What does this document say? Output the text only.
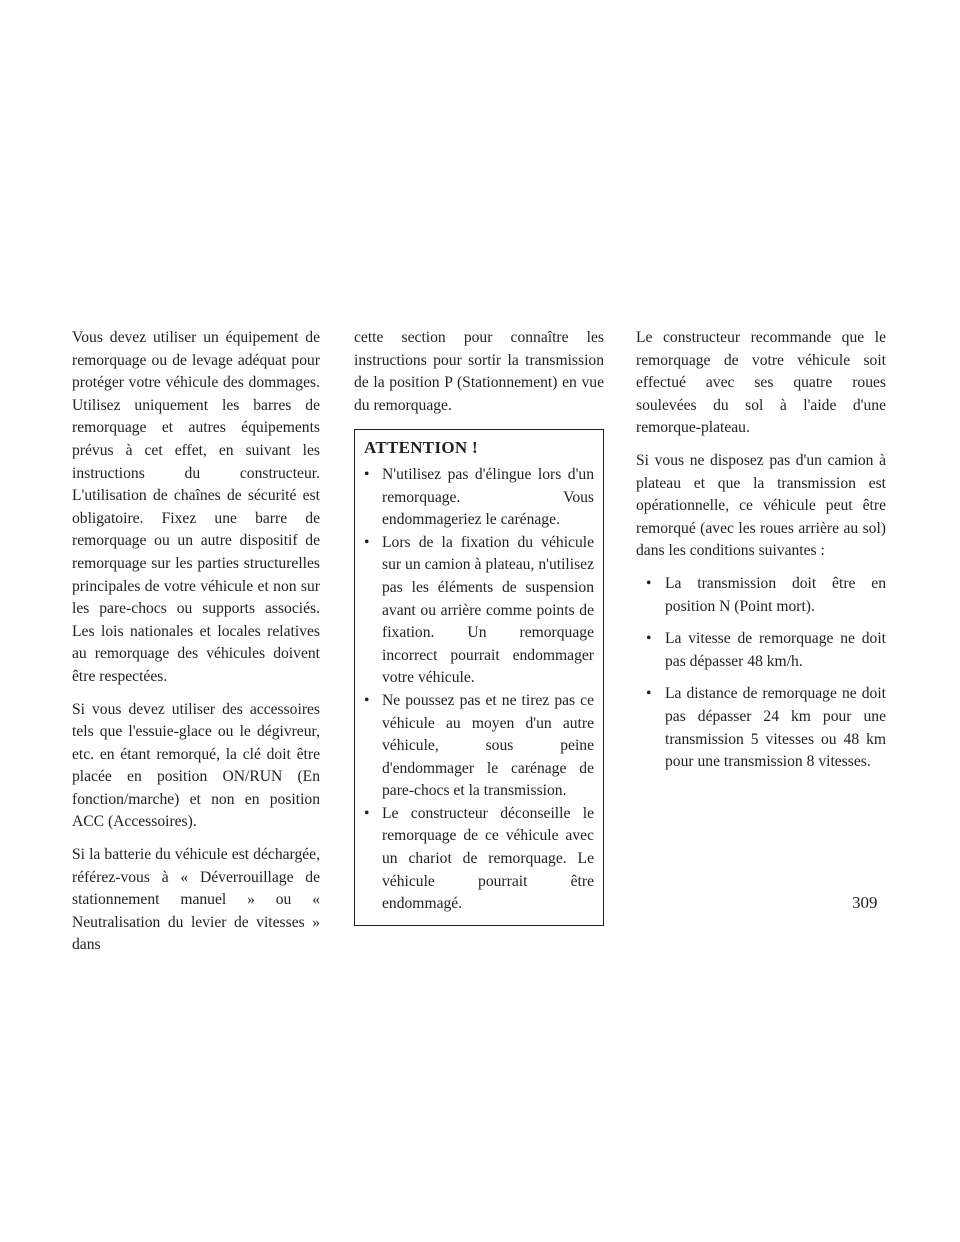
Vous devez utiliser un équipement de remorquage ou de levage adéquat pour protéger votre véhicule des dommages. Utilisez uniquement les barres de remorquage et autres équipements prévus à cet effet, en suivant les instructions du constructeur. L'utilisation de chaînes de sécurité est obligatoire. Fixez une barre de remorquage ou un autre dispositif de remorquage sur les parties structurelles principales de votre véhicule et non sur les pare-chocs ou supports associés. Les lois nationales et locales relatives au remorquage des véhicules doivent être respectées.

Si vous devez utiliser des accessoires tels que l'essuie-glace ou le dégivreur, etc. en étant remorqué, la clé doit être placée en position ON/RUN (En fonction/marche) et non en position ACC (Accessoires).

Si la batterie du véhicule est déchargée, référez-vous à « Déverrouillage de stationnement manuel » ou « Neutralisation du levier de vitesses » dans

cette section pour connaître les instructions pour sortir la transmission de la position P (Stationnement) en vue du remorquage.

ATTENTION !
• N'utilisez pas d'élingue lors d'un remorquage. Vous endommageriez le carénage.
• Lors de la fixation du véhicule sur un camion à plateau, n'utilisez pas les éléments de suspension avant ou arrière comme points de fixation. Un remorquage incorrect pourrait endommager votre véhicule.
• Ne poussez pas et ne tirez pas ce véhicule au moyen d'un autre véhicule, sous peine d'endommager le carénage de pare-chocs et la transmission.
• Le constructeur déconseille le remorquage de ce véhicule avec un chariot de remorquage. Le véhicule pourrait être endommagé.

Le constructeur recommande que le remorquage de votre véhicule soit effectué avec ses quatre roues soulevées du sol à l'aide d'une remorque-plateau.

Si vous ne disposez pas d'un camion à plateau et que la transmission est opérationnelle, ce véhicule peut être remorqué (avec les roues arrière au sol) dans les conditions suivantes :

• La transmission doit être en position N (Point mort).
• La vitesse de remorquage ne doit pas dépasser 48 km/h.
• La distance de remorquage ne doit pas dépasser 24 km pour une transmission 5 vitesses ou 48 km pour une transmission 8 vitesses.
309
